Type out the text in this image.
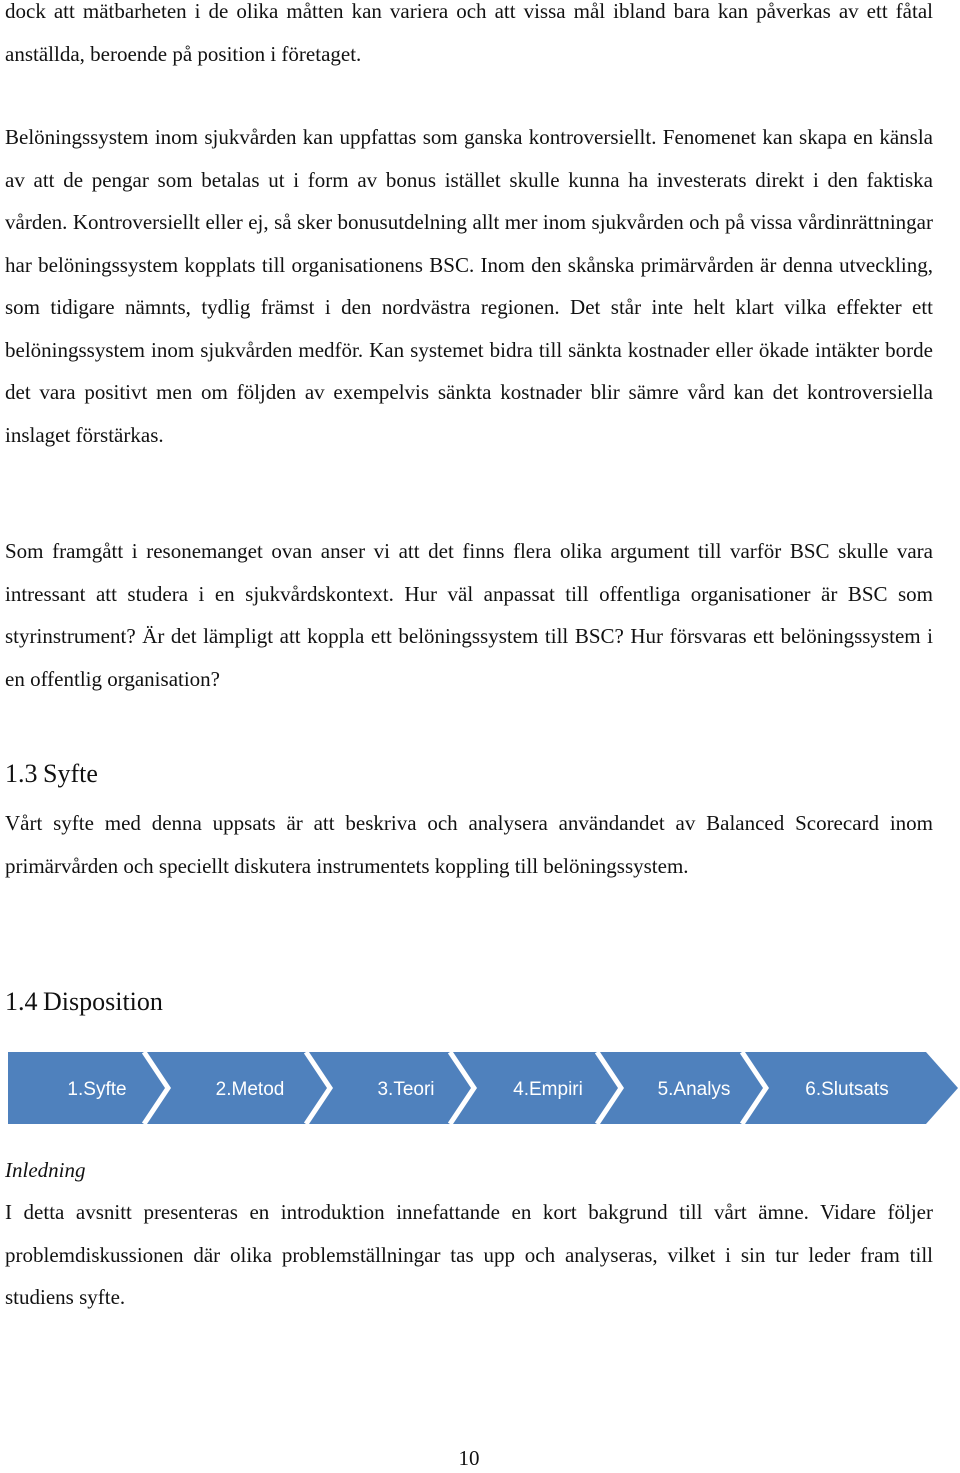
dock att mätbarheten i de olika måtten kan variera och att vissa mål ibland bara kan påverkas av ett fåtal anställda, beroende på position i företaget.

Belöningssystem inom sjukvården kan uppfattas som ganska kontroversiellt. Fenomenet kan skapa en känsla av att de pengar som betalas ut i form av bonus istället skulle kunna ha investerats direkt i den faktiska vården. Kontroversiellt eller ej, så sker bonusutdelning allt mer inom sjukvården och på vissa vårdinrättningar har belöningssystem kopplats till organisationens BSC. Inom den skånska primärvården är denna utveckling, som tidigare nämnts, tydlig främst i den nordvästra regionen. Det står inte helt klart vilka effekter ett belöningssystem inom sjukvården medför. Kan systemet bidra till sänkta kostnader eller ökade intäkter borde det vara positivt men om följden av exempelvis sänkta kostnader blir sämre vård kan det kontroversiella inslaget förstärkas.

Som framgått i resonemanget ovan anser vi att det finns flera olika argument till varför BSC skulle vara intressant att studera i en sjukvårdskontext. Hur väl anpassat till offentliga organisationer är BSC som styrinstrument? Är det lämpligt att koppla ett belöningssystem till BSC? Hur försvaras ett belöningssystem i en offentlig organisation?

1.3 Syfte

Vårt syfte med denna uppsats är att beskriva och analysera användandet av Balanced Scorecard inom primärvården och speciellt diskutera instrumentets koppling till belöningssystem.

1.4 Disposition

Inledning

I detta avsnitt presenteras en introduktion innefattande en kort bakgrund till vårt ämne. Vidare följer problemdiskussionen där olika problemställningar tas upp och analyseras, vilket i sin tur leder fram till studiens syfte.

1.Syfte	2.Metod	3.Teori	4.Empiri	5.Analys	6.Slutsats
10
